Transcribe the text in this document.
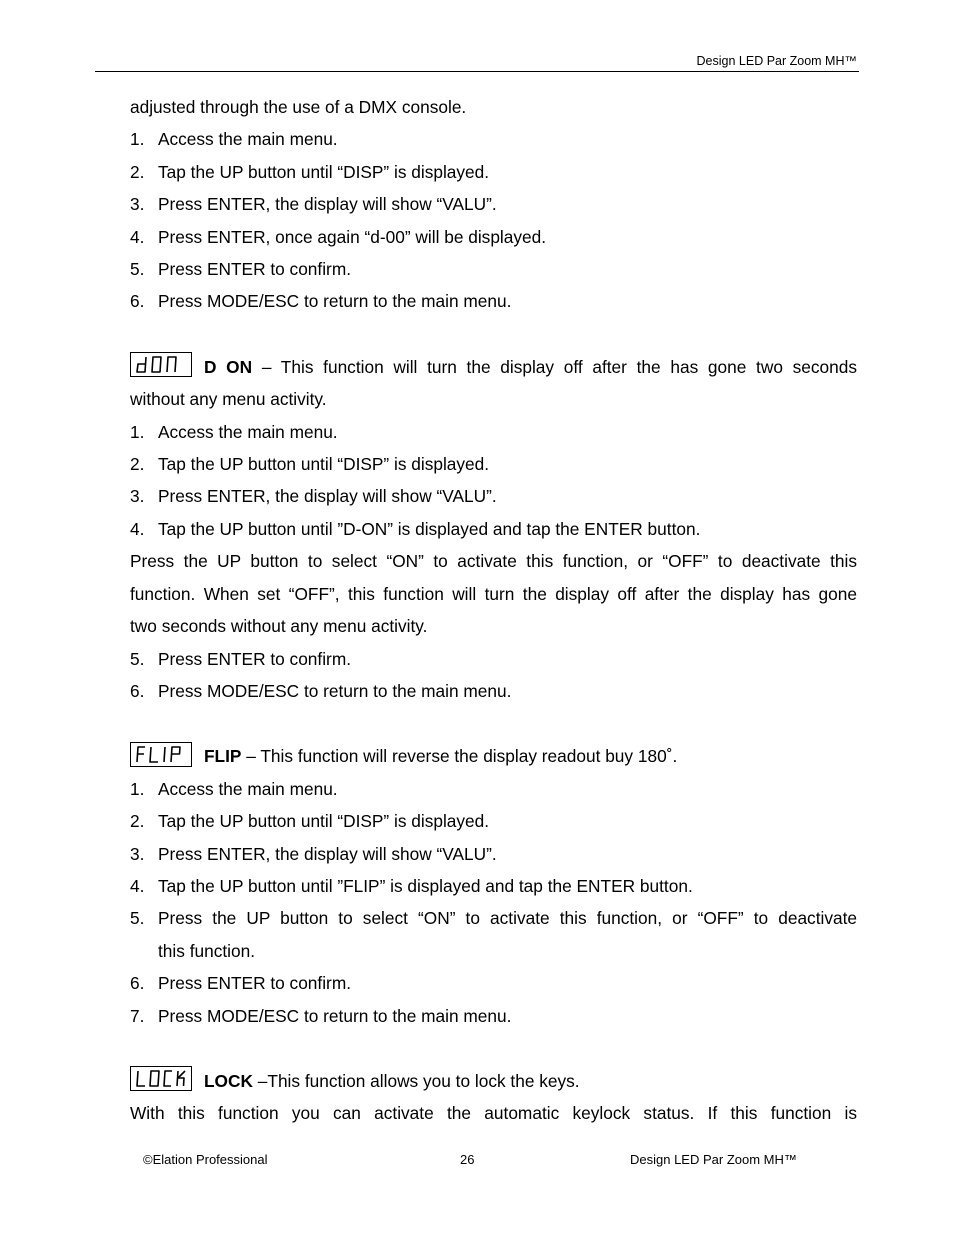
Design LED Par Zoom MH™
adjusted through the use of a DMX console.
1. Access the main menu.
2. Tap the UP button until “DISP” is displayed.
3. Press ENTER, the display will show “VALU”.
4. Press ENTER, once again “d-00” will be displayed.
5. Press ENTER to confirm.
6. Press MODE/ESC to return to the main menu.
D ON – This function will turn the display off after the has gone two seconds
without any menu activity.
1. Access the main menu.
2. Tap the UP button until “DISP” is displayed.
3. Press ENTER, the display will show “VALU”.
4. Tap the UP button until ”D-ON” is displayed and tap the ENTER button.
Press the UP button to select “ON” to activate this function, or “OFF” to deactivate this
function. When set “OFF”, this function will turn the display off after the display has gone
two seconds without any menu activity.
5. Press ENTER to confirm.
6. Press MODE/ESC to return to the main menu.
FLIP – This function will reverse the display readout buy 180˚.
1. Access the main menu.
2. Tap the UP button until “DISP” is displayed.
3. Press ENTER, the display will show “VALU”.
4. Tap the UP button until ”FLIP” is displayed and tap the ENTER button.
5. Press the UP button to select “ON” to activate this function, or “OFF” to deactivate
this function.
6. Press ENTER to confirm.
7. Press MODE/ESC to return to the main menu.
LOCK –This function allows you to lock the keys.
With this function you can activate the automatic keylock status. If this function is
©Elation Professional	26	Design LED Par Zoom MH™
